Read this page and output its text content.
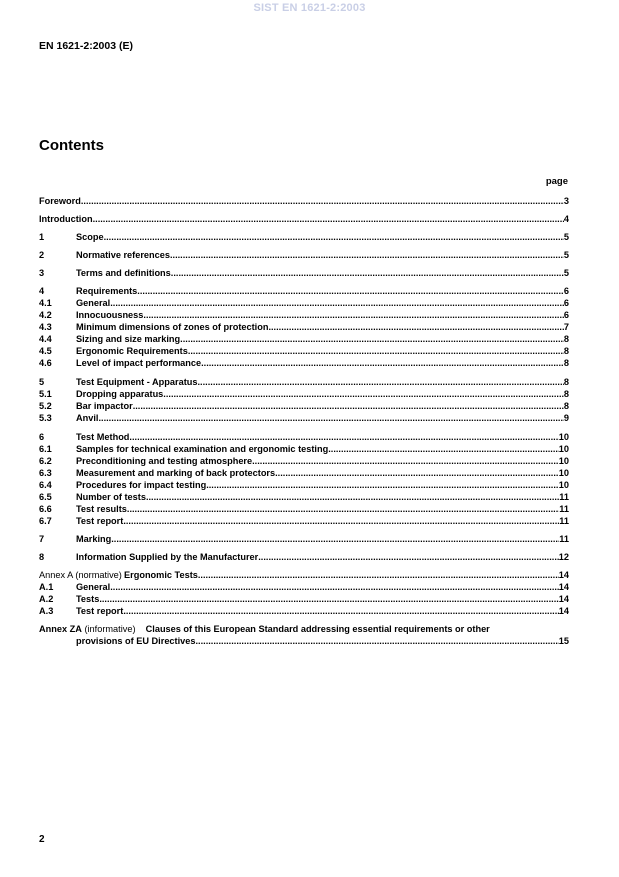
SIST EN 1621-2:2003
EN 1621-2:2003 (E)
Contents
page
Foreword .....	3
Introduction .....	4
1	Scope .....	5
2	Normative references .....	5
3	Terms and definitions .....	5
4	Requirements .....	6
4.1	General .....	6
4.2	Innocuousness .....	6
4.3	Minimum dimensions of zones of protection .....	7
4.4	Sizing and size marking .....	8
4.5	Ergonomic Requirements .....	8
4.6	Level of impact performance .....	8
5	Test Equipment - Apparatus .....	8
5.1	Dropping apparatus .....	8
5.2	Bar impactor .....	8
5.3	Anvil .....	9
6	Test Method .....	10
6.1	Samples for technical examination and ergonomic testing .....	10
6.2	Preconditioning and testing atmosphere .....	10
6.3	Measurement and marking of back protectors .....	10
6.4	Procedures for impact testing .....	10
6.5	Number of tests .....	11
6.6	Test results .....	11
6.7	Test report .....	11
7	Marking .....	11
8	Information Supplied by the Manufacturer .....	12
Annex A (normative) Ergonomic Tests .....	14
A.1	General .....	14
A.2	Tests .....	14
A.3	Test report .....	14
Annex ZA (informative) Clauses of this European Standard addressing essential requirements or other
provisions of EU Directives .....	15
2
